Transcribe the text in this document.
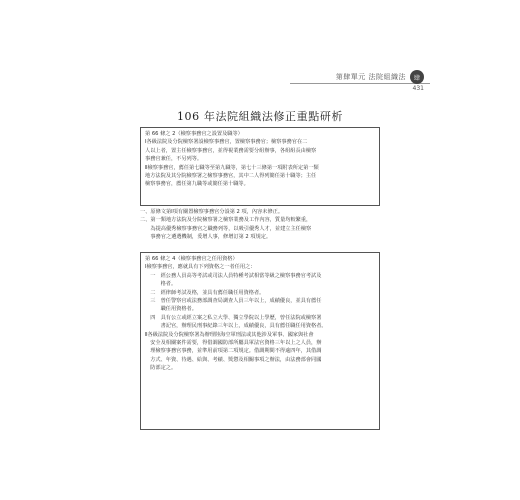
第肆單元 法院組織法	肆
431
106 年法院組織法修正重點研析
第 66 條之 2（檢察事務官之設置及職等）
Ⅰ各級法院及分院檢察署設檢察事務官，置檢察事務官；檢察事務官在二
人以上者，置主任檢察事務官，並得視業務需要分組辦事，各組組長由檢察
事務官兼任，不另列等。
Ⅱ檢察事務官，薦任第七職等至第九職等，第七十三條第一項附表所定第一類
地方法院及其分院檢察署之檢察事務官，其中二人得列簡任第十職等；主任
檢察事務官，薦任第九職等或簡任第十職等。
一、原條文第Ⅰ項有關置檢察事務官分設第 2 項，內容未修正。
二、第一類地方法院及分院檢察署之檢察業務及工作內容，質量均較繁重，
　　為提高優秀檢察事務官之職務列等，以吸引優秀人才，並建立主任檢察
　　事務官之遴選機制，爰增人事，修增訂第 2 項規定。
第 66 條之 4（檢察事務官之任用資格）
Ⅰ檢察事務官，應就具有下列資格之一者任用之：
　一　經公務人員高等考試或司法人員特種考試相當等級之檢察事務官考試及
　　　格者。
　二　經律師考試及格，並具有薦任職任用資格者。
　三　曾任警察官或法務部調查局調查人員三年以上，成績優良，並具有薦任
　　　職任用資格者。
　四　具有公立或經立案之私立大學、獨立學院以上學歷，曾任法院或檢察署
　　　書記官，辦理民刑事紀錄三年以上，成績優良，具有薦任職任用資格者。
Ⅱ各級法院及分院檢察署為辦理陸海空軍刑法或其他涉及軍事、國家與社會
　安全及相關案件需要，得借調國防部所屬具軍法官資格三年以上之人員，辦
　理檢察事務官事務，並準用前項第二項規定。借調期間不得逾四年，其借調
　方式、年資、待遇、給與、考績、獎懲及相關事項之辦法，由法務部會同國
　防部定之。
